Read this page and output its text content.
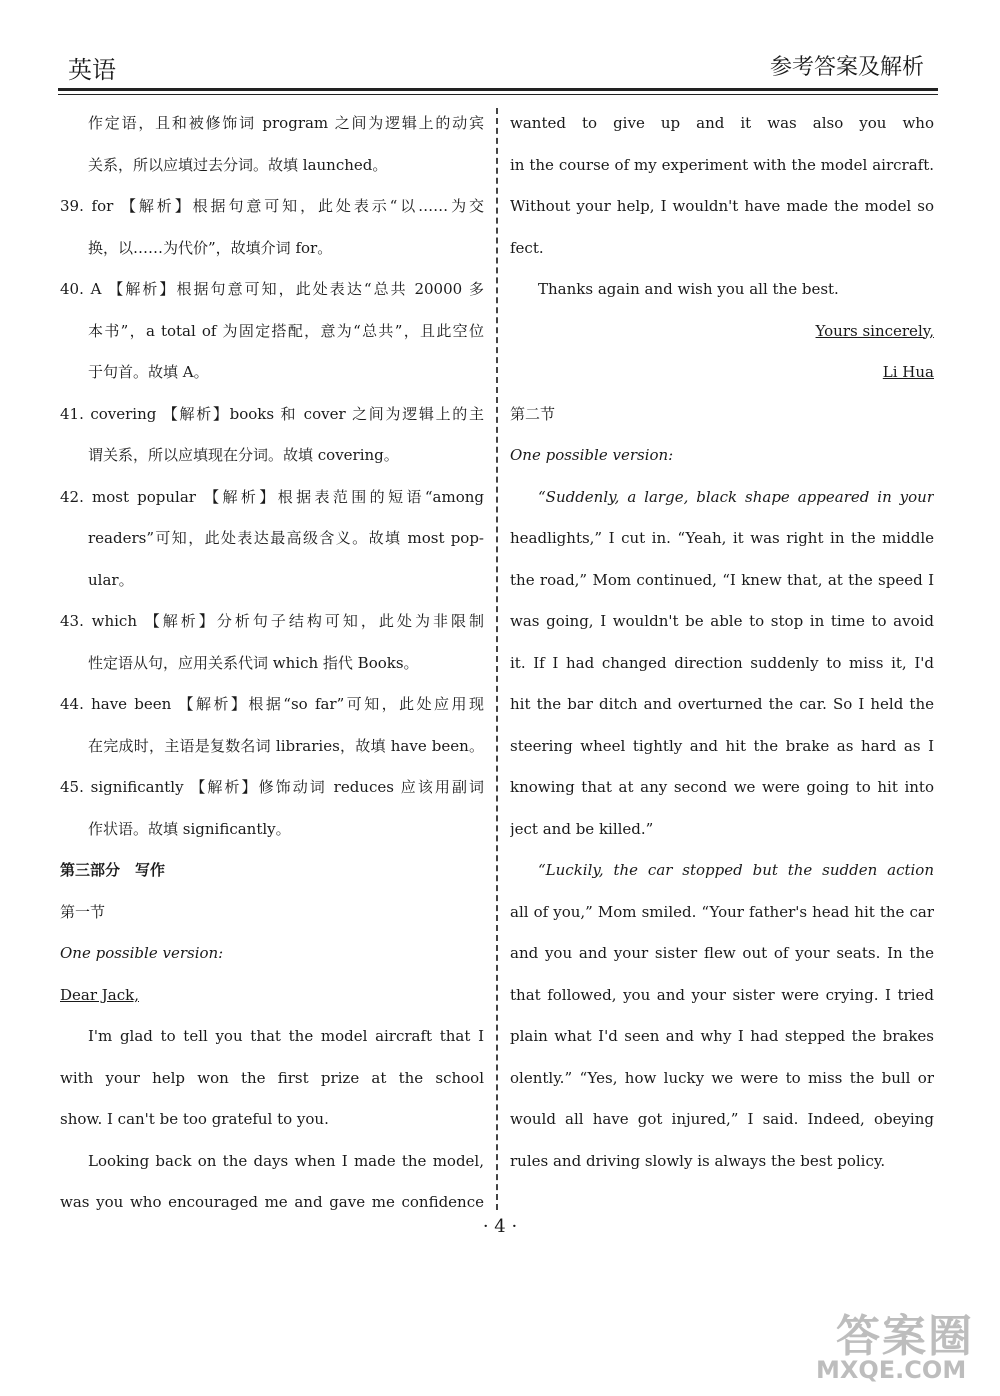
英语	参考答案及解析
作定语，且和被修饰词 program 之间为逻辑上的动宾
关系，所以应填过去分词。故填 launched。
39. for 【解析】根据句意可知，此处表示“以……为交
换，以……为代价”，故填介词 for。
40. A 【解析】根据句意可知，此处表达“总共 20000 多
本书”，a total of 为固定搭配，意为“总共”，且此空位
于句首。故填 A。
41. covering 【解析】books 和 cover 之间为逻辑上的主
谓关系，所以应填现在分词。故填 covering。
42. most popular 【解析】根据表范围的短语“among
readers”可知，此处表达最高级含义。故填 most pop-
ular。
43. which 【解析】分析句子结构可知，此处为非限制
性定语从句，应用关系代词 which 指代 Books。
44. have been 【解析】根据“so far”可知，此处应用现
在完成时，主语是复数名词 libraries，故填 have been。
45. significantly 【解析】修饰动词 reduces 应该用副词
作状语。故填 significantly。
第三部分　写作
第一节
One possible version:
Dear Jack,
I'm glad to tell you that the model aircraft that I
with your help won the first prize at the school
show. I can't be too grateful to you.
Looking back on the days when I made the model,
was you who encouraged me and gave me confidence
wanted to give up and it was also you who
in the course of my experiment with the model aircraft.
Without your help, I wouldn't have made the model so
fect.
Thanks again and wish you all the best.
Yours sincerely,
Li Hua
第二节
One possible version:
“Suddenly, a large, black shape appeared in your
headlights,” I cut in. “Yeah, it was right in the middle
the road,” Mom continued, “I knew that, at the speed I
was going, I wouldn't be able to stop in time to avoid
it. If I had changed direction suddenly to miss it, I'd
hit the bar ditch and overturned the car. So I held the
steering wheel tightly and hit the brake as hard as I
knowing that at any second we were going to hit into
ject and be killed.”
“Luckily, the car stopped but the sudden action
all of you,” Mom smiled. “Your father's head hit the car
and you and your sister flew out of your seats. In the
that followed, you and your sister were crying. I tried
plain what I'd seen and why I had stepped the brakes
olently.” “Yes, how lucky we were to miss the bull or
would all have got injured,” I said. Indeed, obeying
rules and driving slowly is always the best policy.
· 4 ·
答案圈
MXQE.COM
